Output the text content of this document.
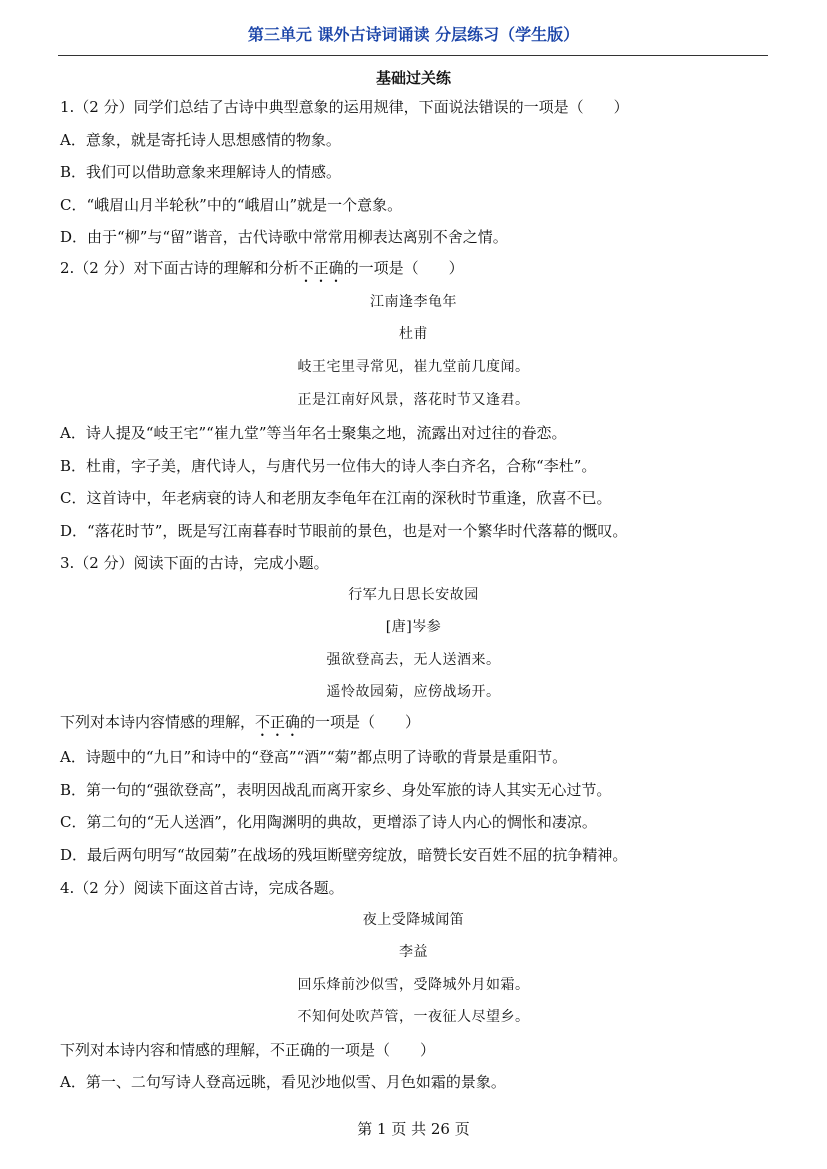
第三单元 课外古诗词诵读 分层练习（学生版）
基础过关练
1.（2 分）同学们总结了古诗中典型意象的运用规律，下面说法错误的一项是（　　）
A．意象，就是寄托诗人思想感情的物象。
B．我们可以借助意象来理解诗人的情感。
C．“峨眉山月半轮秋”中的“峨眉山”就是一个意象。
D．由于“柳”与“留”谐音，古代诗歌中常常用柳表达离别不舍之情。
2.（2 分）对下面古诗的理解和分析不正确的一项是（　　）
江南逢李龟年
杜甫
岐王宅里寻常见，崔九堂前几度闻。
正是江南好风景，落花时节又逢君。
A．诗人提及“岐王宅”“崔九堂”等当年名士聚集之地，流露出对过往的眷恋。
B．杜甫，字子美，唐代诗人，与唐代另一位伟大的诗人李白齐名，合称“李杜”。
C．这首诗中，年老病衰的诗人和老朋友李龟年在江南的深秋时节重逢，欣喜不已。
D．“落花时节”，既是写江南暮春时节眼前的景色，也是对一个繁华时代落幕的慨叹。
3.（2 分）阅读下面的古诗，完成小题。
行军九日思长安故园
[唐]岑参
强欲登高去，无人送酒来。
遥怜故园菊，应傍战场开。
下列对本诗内容情感的理解，不正确的一项是（　　）
A．诗题中的“九日”和诗中的“登高”“酒”“菊”都点明了诗歌的背景是重阳节。
B．第一句的“强欲登高”，表明因战乱而离开家乡、身处军旅的诗人其实无心过节。
C．第二句的“无人送酒”，化用陶渊明的典故，更增添了诗人内心的惆怅和凄凉。
D．最后两句明写“故园菊”在战场的残垣断壁旁绽放，暗赞长安百姓不屈的抗争精神。
4.（2 分）阅读下面这首古诗，完成各题。
夜上受降城闻笛
李益
回乐烽前沙似雪，受降城外月如霜。
不知何处吹芦管，一夜征人尽望乡。
下列对本诗内容和情感的理解，不正确的一项是（　　）
A．第一、二句写诗人登高远眺，看见沙地似雪、月色如霜的景象。
第 1 页 共 26 页
